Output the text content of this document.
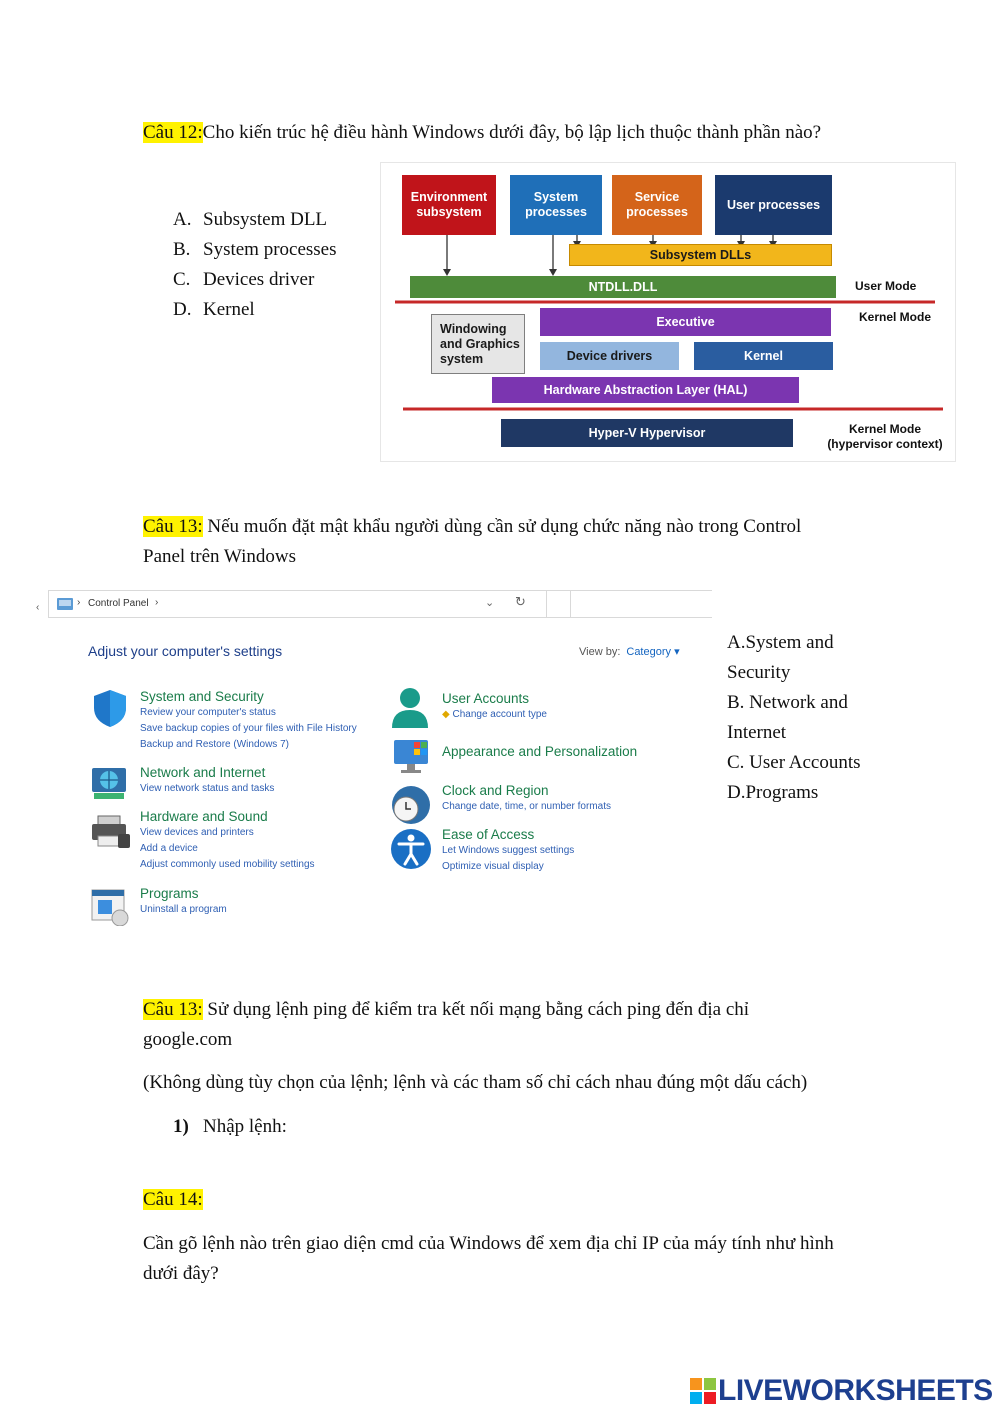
Câu 12:Cho kiến trúc hệ điều hành Windows dưới đây, bộ lập lịch thuộc thành phần nào?
A. Subsystem DLL
B. System processes
C. Devices driver
D. Kernel
Environment subsystem
System processes
Service processes
User processes
Subsystem DLLs
NTDLL.DLL	User Mode
Kernel Mode
Windowing and Graphics system
Executive
Device drivers	Kernel
Hardware Abstraction Layer (HAL)
Hyper-V Hypervisor	Kernel Mode
(hypervisor context)
Câu 13: Nếu muốn đặt mật khẩu người dùng cần sử dụng chức năng nào trong Control
Panel trên Windows
‹	› Control Panel ›	⌄ ↻
Adjust your computer's settings	View by: Category ▾
System and Security
Review your computer's status
Save backup copies of your files with File History
Backup and Restore (Windows 7)
Network and Internet
View network status and tasks
Hardware and Sound
View devices and printers
Add a device
Adjust commonly used mobility settings
Programs
Uninstall a program
User Accounts
◆ Change account type
Appearance and Personalization
Clock and Region
Change date, time, or number formats
Ease of Access
Let Windows suggest settings
Optimize visual display
A.System and
Security
B. Network and
Internet
C. User Accounts
D.Programs
Câu 13: Sử dụng lệnh ping để kiểm tra kết nối mạng bằng cách ping đến địa chỉ
google.com
(Không dùng tùy chọn của lệnh; lệnh và các tham số chỉ cách nhau đúng một dấu cách)
1) Nhập lệnh:
Câu 14:
Cần gõ lệnh nào trên giao diện cmd của Windows để xem địa chỉ IP của máy tính như hình
dưới đây?
LIVEWORKSHEETS
